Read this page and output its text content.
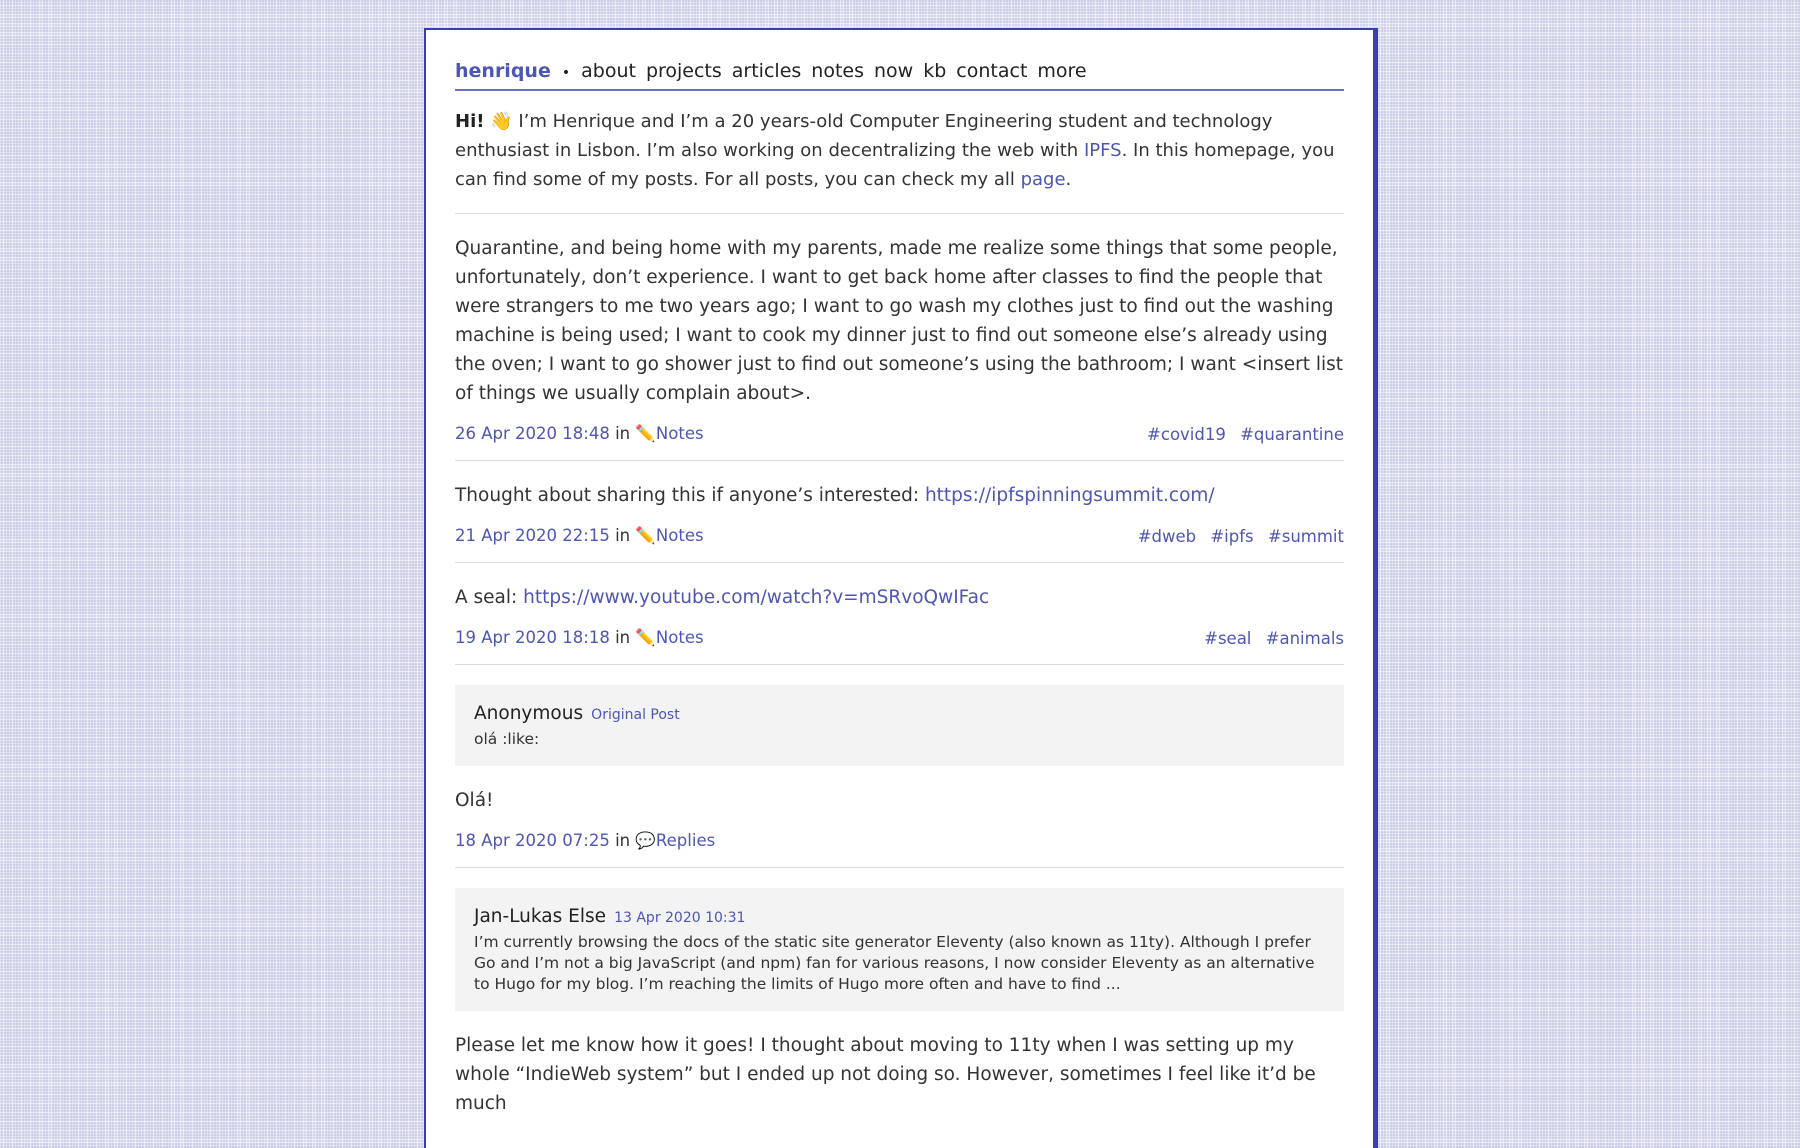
henrique • about projects articles notes now kb contact more
Hi! 👋 I’m Henrique and I’m a 20 years-old Computer Engineering student and technology enthusiast in Lisbon. I’m also working on decentralizing the web with IPFS. In this homepage, you can find some of my posts. For all posts, you can check my all page.

Quarantine, and being home with my parents, made me realize some things that some people, unfortunately, don’t experience. I want to get back home after classes to find the people that were strangers to me two years ago; I want to go wash my clothes just to find out the washing machine is being used; I want to cook my dinner just to find out someone else’s already using the oven; I want to go shower just to find out someone’s using the bathroom; I want <insert list of things we usually complain about>.

26 Apr 2020 18:48 in ✏️Notes	#covid19 #quarantine

Thought about sharing this if anyone’s interested: https://ipfspinningsummit.com/

21 Apr 2020 22:15 in ✏️Notes	#dweb #ipfs #summit

A seal: https://www.youtube.com/watch?v=mSRvoQwIFac

19 Apr 2020 18:18 in ✏️Notes	#seal #animals
Anonymous Original Post
olá :like:

Olá!

18 Apr 2020 07:25 in 💬Replies
Jan-Lukas Else 13 Apr 2020 10:31
I’m currently browsing the docs of the static site generator Eleventy (also known as 11ty). Although I prefer Go and I’m not a big JavaScript (and npm) fan for various reasons, I now consider Eleventy as an alternative to Hugo for my blog. I’m reaching the limits of Hugo more often and have to find ...

Please let me know how it goes! I thought about moving to 11ty when I was setting up my whole “IndieWeb system” but I ended up not doing so. However, sometimes I feel like it’d be much
